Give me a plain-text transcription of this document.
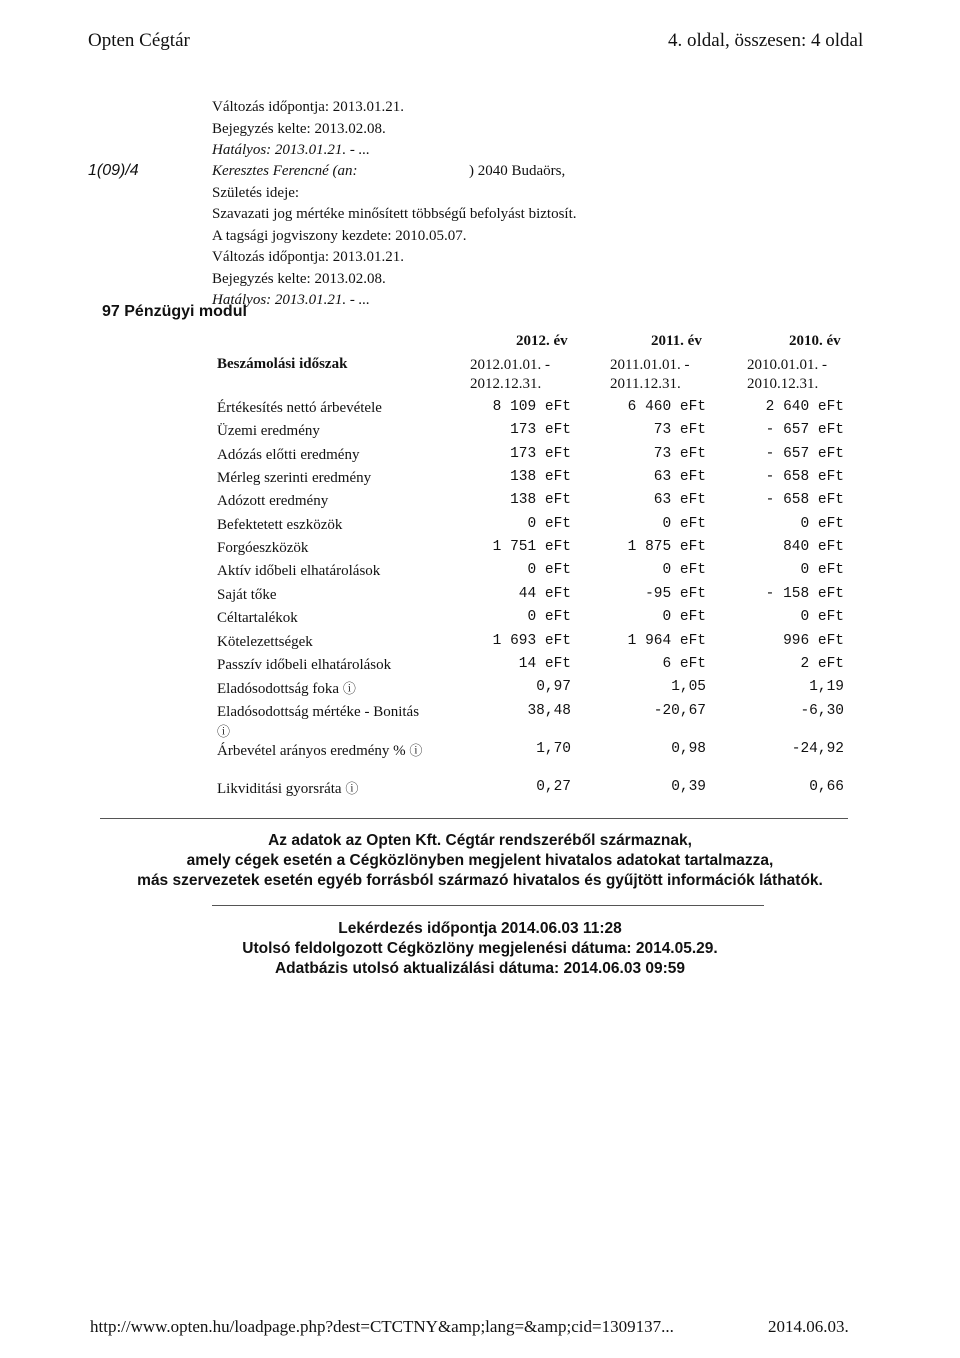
Opten Cégtár	4. oldal, összesen: 4 oldal
Változás időpontja: 2013.01.21.
Bejegyzés kelte: 2013.02.08.
Hatályos: 2013.01.21. - ...
1(09)/4	Keresztes Ferencné (an:
Születés ideje:
Szavazati jog mértéke minősített többségű befolyást biztosít.
A tagsági jogviszony kezdete: 2010.05.07.
Változás időpontja: 2013.01.21.
Bejegyzés kelte: 2013.02.08.
Hatályos: 2013.01.21. - ...
) 2040 Budaörs,
97 Pénzügyi modul
2012. év	2011. év	2010. év
Beszámolási időszak	2012.01.01. -
2012.12.31.
2011.01.01. -
2011.12.31.
2010.01.01. -
2010.12.31.
Értékesítés nettó árbevétele	8 109 eFt	6 460 eFt	2 640 eFt
Üzemi eredmény	173 eFt	73 eFt	- 657 eFt
Adózás előtti eredmény	173 eFt	73 eFt	- 657 eFt
Mérleg szerinti eredmény	138 eFt	63 eFt	- 658 eFt
Adózott eredmény	138 eFt	63 eFt	- 658 eFt
Befektetett eszközök	0 eFt	0 eFt	0 eFt
Forgóeszközök	1 751 eFt	1 875 eFt	840 eFt
Aktív időbeli elhatárolások	0 eFt	0 eFt	0 eFt
Saját tőke	44 eFt	-95 eFt	- 158 eFt
Céltartalékok	0 eFt	0 eFt	0 eFt
Kötelezettségek	1 693 eFt	1 964 eFt	996 eFt
Passzív időbeli elhatárolások	14 eFt	6 eFt	2 eFt
Eladósodottság foka ⓘ	0,97	1,05	1,19
Eladósodottság mértéke - Bonitás
ⓘ
38,48	-20,67	-6,30
Árbevétel arányos eredmény % ⓘ	1,70	0,98	-24,92
Likviditási gyorsráta ⓘ	0,27	0,39	0,66
Az adatok az Opten Kft. Cégtár rendszeréből származnak,
amely cégek esetén a Cégközlönyben megjelent hivatalos adatokat tartalmazza,
más szervezetek esetén egyéb forrásból származó hivatalos és gyűjtött információk láthatók.
Lekérdezés időpontja 2014.06.03 11:28
Utolsó feldolgozott Cégközlöny megjelenési dátuma: 2014.05.29.
Adatbázis utolsó aktualizálási dátuma: 2014.06.03 09:59
http://www.opten.hu/loadpage.php?dest=CTCTNY&amp;lang=&amp;cid=1309137...	2014.06.03.
